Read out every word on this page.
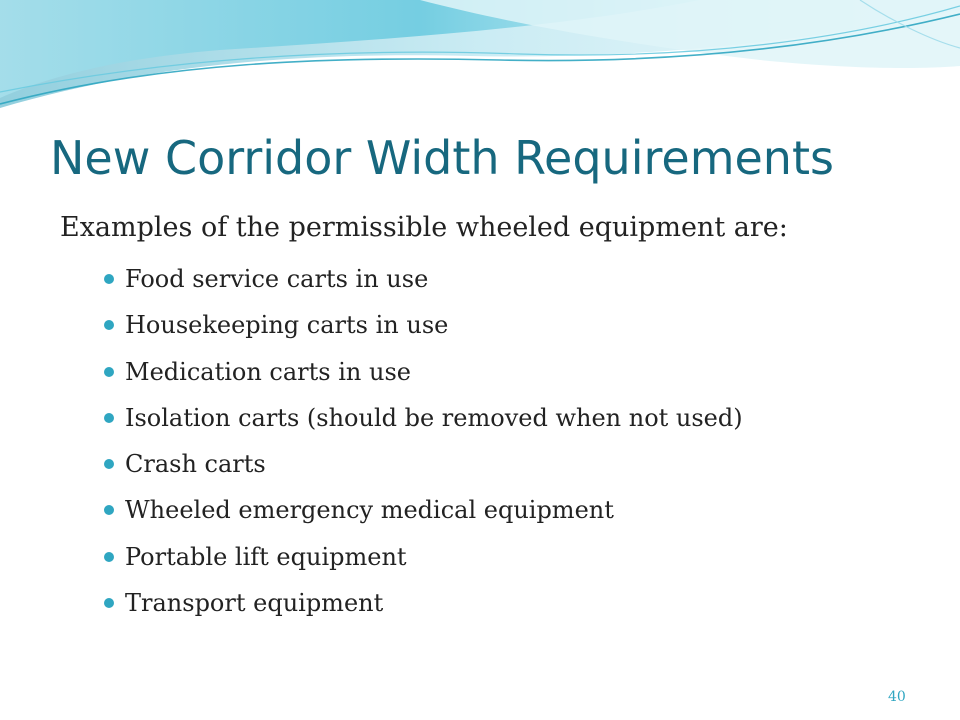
New Corridor Width Requirements

Examples of the permissible wheeled equipment are:

Food service carts in use
Housekeeping carts in use
Medication carts in use
Isolation carts (should be removed when not used)
Crash carts
Wheeled emergency medical equipment
Portable lift equipment
Transport equipment
40
